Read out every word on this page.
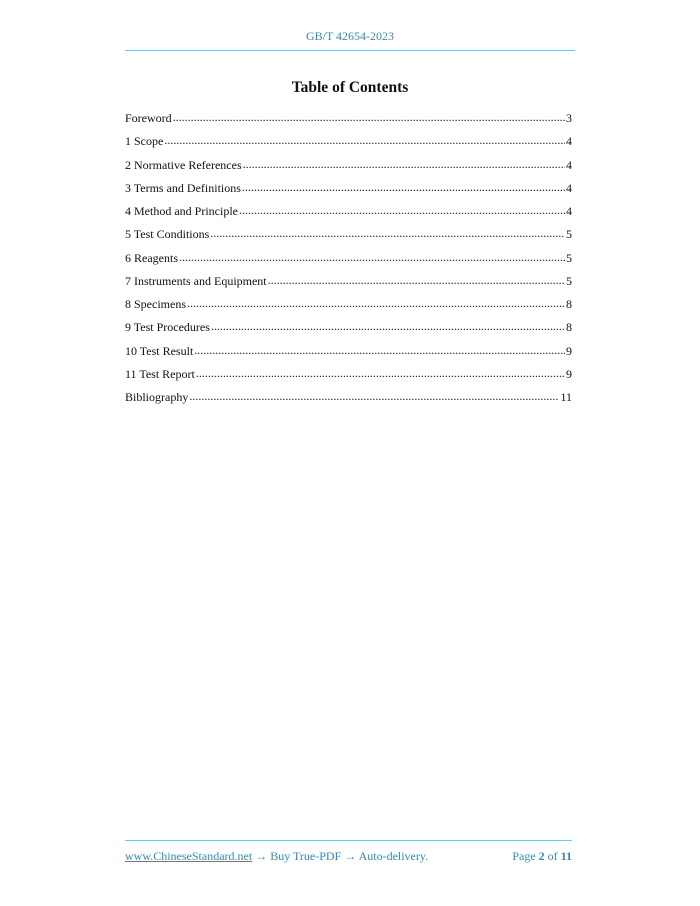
GB/T 42654-2023
Table of Contents
Foreword .....	3
1 Scope .....	4
2 Normative References .....	4
3 Terms and Definitions .....	4
4 Method and Principle .....	4
5 Test Conditions .....	5
6 Reagents .....	5
7 Instruments and Equipment .....	5
8 Specimens .....	8
9 Test Procedures .....	8
10 Test Result .....	9
11 Test Report .....	9
Bibliography .....	11
www.ChineseStandard.net → Buy True-PDF → Auto-delivery.	Page 2 of 11
